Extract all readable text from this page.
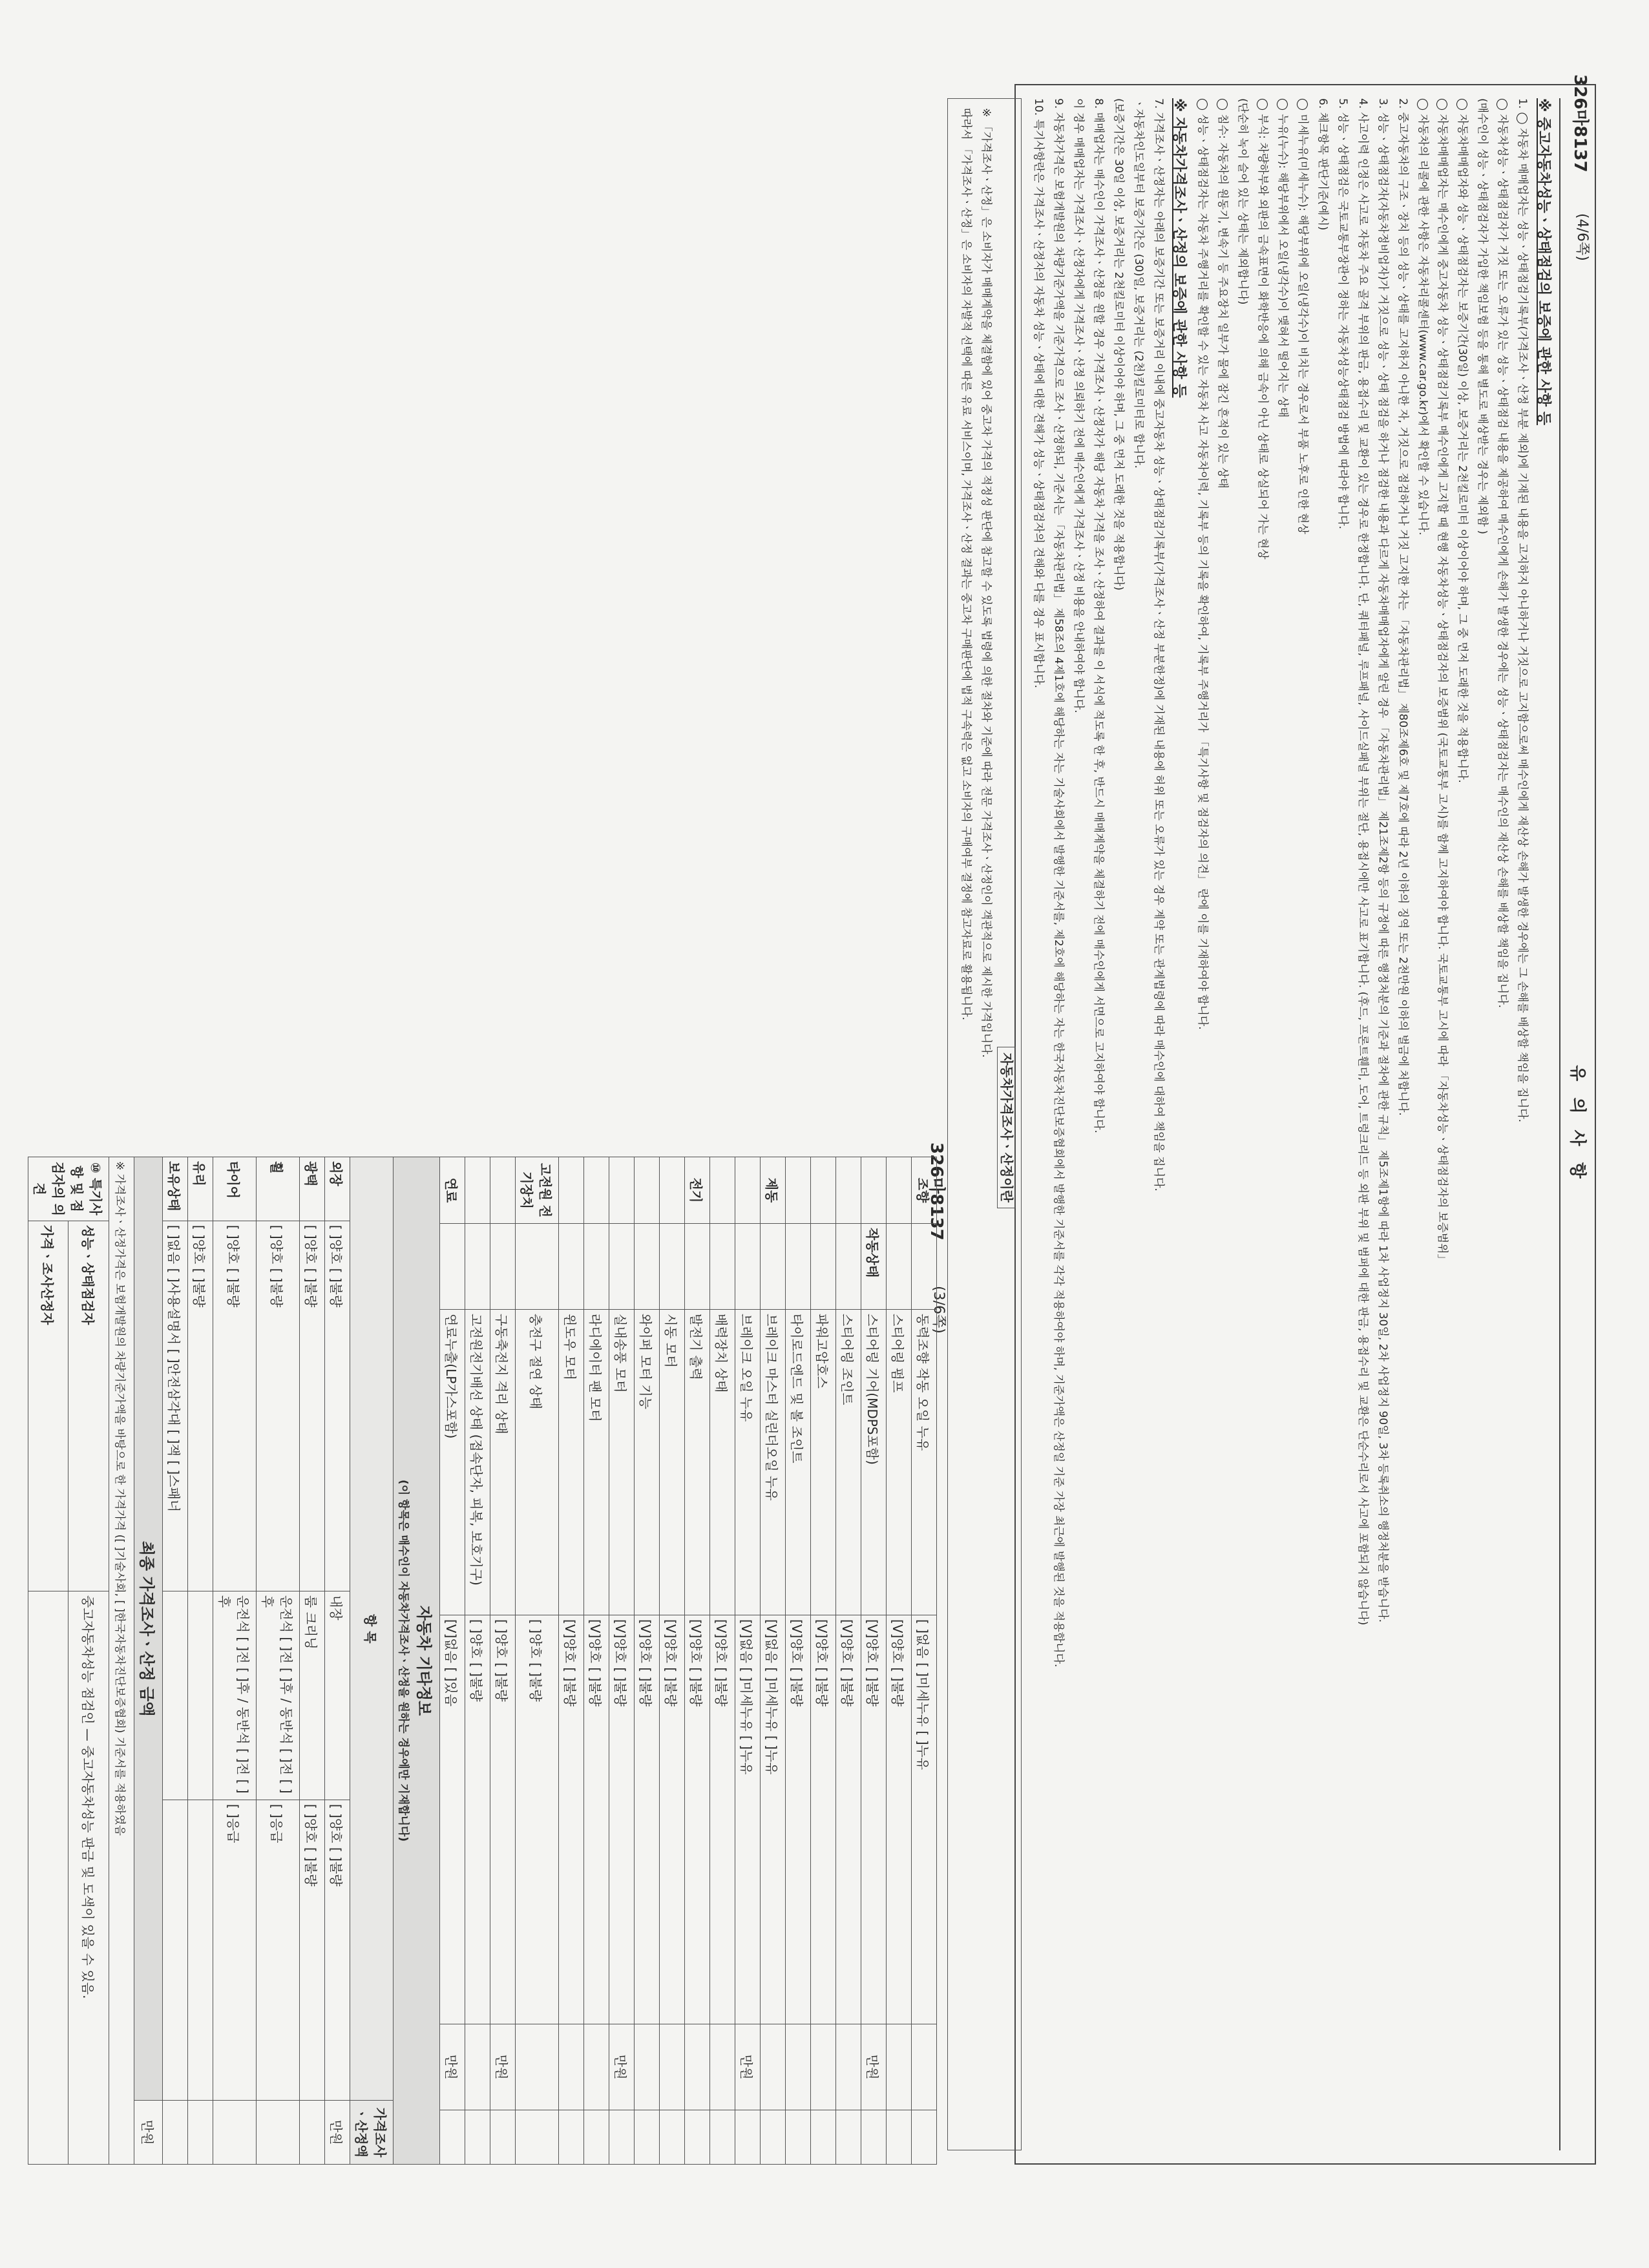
326마8137
(3/6쪽)
326마8137
(4/6쪽)
조향		동력조향 작동 오일 누유	[ ]없음 [ ]미세누유 [ ]누유		
		스티어링 펌프	[V]양호 [ ]불량		
	작동상태	스티어링 기어(MDPS포함)	[V]양호 [ ]불량	만원	
		스티어링 조인트	[V]양호 [ ]불량		
		파워고압호스	[V]양호 [ ]불량		
		타이로드엔드 및 볼 조인트	[V]양호 [ ]불량		
제동		브레이크 마스터 실린더오일 누유	[V]없음 [ ]미세누유 [ ]누유		
		브레이크 오일 누유	[V]없음 [ ]미세누유 [ ]누유	만원	
		배력장치 상태	[V]양호 [ ]불량		
전기		발전기 출력	[V]양호 [ ]불량		
		시동 모터	[V]양호 [ ]불량		
		와이퍼 모터 기능	[V]양호 [ ]불량		
		실내송풍 모터	[V]양호 [ ]불량	만원	
		라디에이터 팬 모터	[V]양호 [ ]불량		
		윈도우 모터	[V]양호 [ ]불량		
고전원 전기장치		충전구 절연 상태	[ ]양호 [ ]불량		
		구동축전지 격리 상태	[ ]양호 [ ]불량	만원	
		고전원전기배선 상태 (접속단자, 피복, 보호기구)	[ ]양호 [ ]불량		
연료		연료누출(LP가스포함)	[V]없음 [ ]있음	만원	
자동차 기타정보
(이 항목은 매수인이 자동차가격조사ㆍ산정을 원하는 경우에만 기재합니다)				
항 목				가격조사ㆍ산정액
외장	[ ]양호 [ ]불량	내장	[ ]양호 [ ]불량	만원
광택	[ ]양호 [ ]불량	룸 크리닝	[ ]양호 [ ]불량	
휠	[ ]양호 [ ]불량	운전석 [ ]전 [ ]후 / 동반석 [ ]전 [ ]후	[ ]응급	
타이어	[ ]양호 [ ]불량	운전석 [ ]전 [ ]후 / 동반석 [ ]전 [ ]후	[ ]응급	
유리	[ ]양호 [ ]불량			
보유상태	[ ]없음 [ ]사용설명서 [ ]안전삼각대 [ ]잭 [ ]스패너			
최종 가격조사ㆍ산정 금액				만원
※ 가격조사ㆍ산정가격은 보험개발원의 차량기준가액을 바탕으로 한 가격가격 ([ ]기술사회, [ ]한국자동차진단보증협회) 기준서를 적용하였음				
⑩ 특기사항 및 점검자의 의견	성능ㆍ상태점검자	중고자동차성능 점검인 — 중고자동차성능 판금 및 도색이 있을 수 있음.		
	가격ㆍ조사산정자			
유 의 사 항
※ 중고자동차성능ㆍ상태점검의 보증에 관한 사항 등
1. ◯ 자동차 매매업자는 성능ㆍ상태점검기록부(가격조사ㆍ산정 부분 제외)에 기재된 내용을 고지하지 아니하거나 거짓으로 고지함으로써 매수인에게 재산상 손해가 발생한 경우에는 그 손해를 배상할 책임을 집니다.
◯ 자동차성능ㆍ상태점검자가 거짓 또는 오류가 있는 성능ㆍ상태점검 내용을 제공하여 매수인에게 손해가 발생한 경우에는 성능ㆍ상태점검자는 매수인의 재산상 손해를 배상할 책임을 집니다.
(매수인이 성능ㆍ상태점검자가 가입한 책임보험 등을 통해 별도로 배상받는 경우는 제외함 )
◯ 자동차매매업자와 성능ㆍ상태점검자는 보증기간(30일) 이상, 보증거리는 2천킬로미터 이상이어야 하며, 그 중 먼저 도래한 것을 적용합니다.
◯ 자동차매매업자는 매수인에게 중고자동차 성능ㆍ상태점검기록부 매수인에게 고지할 때 현행 자동차성능ㆍ상태점검자의 보증범위 (국토교통부 고시)를 함께 고지하여야 합니다. 국토교통부 고시에 따라 「자동차성능ㆍ상태점검자의 보증범위」
◯ 자동차의 리콜에 관한 사항은 자동차리콜센터(www.car.go.kr)에서 확인할 수 있습니다.
2. 중고자동차의 구조ㆍ장치 등의 성능ㆍ상태를 고지하지 아니한 자, 거짓으로 점검하거나 거짓 고지한 자는 「자동차관리법」 제80조제6호 및 제7호에 따라 2년 이하의 징역 또는 2천만원 이하의 벌금에 처합니다.
3. 성능ㆍ상태점검자(자동차정비업자)가 거짓으로 성능ㆍ상태 점검을 하거나 점검한 내용과 다르게 자동차매매업자에게 알린 경우 「자동차관리법」 제21조제2항 등의 규정에 따른 행정처분의 기준과 절차에 관한 규칙」 제5조제1항에 따라 1차 사업정지 30일, 2차 사업정지 90일, 3차 등록취소의 행정처분을 받습니다.
4. 사고이력 인정은 사고로 자동차 주요 골격 부위의 판금, 용접수리 및 교환이 있는 경우로 한정합니다. 단, 쿼터패널, 루프패널, 사이드실패널 부위는 절단, 용접시에만 사고로 표기합니다. (후드, 프론트휀더, 도어, 트렁크리드 등 외판 부위 및 범퍼에 대한 판금, 용접수리 및 교환은 단순수리로서 사고에 포함되지 않습니다)
5. 성능ㆍ상태점검은 국토교통부장관이 정하는 자동차성능상태점검 방법에 따라야 합니다.
6. 체크항목 판단기준(예시)
◯ 미세누유(미세누수): 해당부위에 오일(냉각수)이 비치는 경우로서 부품 노후로 인한 현상
◯ 누유(누수): 해당부위에서 오일(냉각수)이 맺혀서 떨어지는 상태
◯ 부식: 차량하부와 외판의 금속표면이 화학반응에 의해 금속이 아닌 상태로 상실되어 가는 현상
(단순히 녹이 슬어 있는 상태는 제외합니다)
◯ 침수: 자동차의 원동기, 변속기 등 주요장치 일부가 물에 잠긴 흔적이 있는 상태
◯ 성능ㆍ상태점검자는 자동차 주행거리를 확인할 수 있는 자동차 사고 자동차이력, 기록부 등의 기록을 확인하여, 기록부 주행거리가 「특기사항 및 점검자의 의견」 란에 이를 기재하여야 합니다.
※ 자동차가격조사ㆍ산정의 보증에 관한 사항 등
7. 가격조사ㆍ산정자는 아래의 보증기간 또는 보증거리 이내에 중고자동차 성능ㆍ상태점검기록부(가격조사ㆍ산정 부분한정)에 기재된 내용에 허위 또는 오류가 있는 경우 계약 또는 관계법령에 따라 매수인에 대하여 책임을 집니다.
ㆍ자동차인도일부터 보증기간은 (30)일, 보증거리는 (2천)킬로미터로 합니다.
(보증기간은 30일 이상, 보증거리는 2천킬로미터 이상이어야 하며, 그 중 먼저 도래한 것을 적용합니다)
8. 매매업자는 매수인이 가격조사ㆍ산정을 원할 경우 가격조사ㆍ산정자가 해당 자동차 가격을 조사ㆍ산정하여 결과를 이 서식에 적도록 한 후, 반드시 매매계약을 체결하기 전에 매수인에게 서면으로 고지하여야 합니다.
이 경우 매매업자는 가격조사ㆍ산정자에게 가격조사ㆍ산정 의뢰하기 전에 매수인에게 가격조사ㆍ산정 비용을 안내하여야 합니다.
9. 자동차가격은 보험개발원의 차량기준가액을 기준가격으로 조사ㆍ산정하되, 기준서는 「자동차관리법」 제58조의 4제1호에 해당하는 자는 기술사회에서 발행한 기준서를, 제2호에 해당하는 자는 한국자동차진단보증협회에서 발행한 기준서를 각각 적용하여야 하며, 기준가액은 산정일 기준 가장 최근에 발행된 것을 적용합니다.
10. 특기사항란은 가격조사ㆍ산정자의 자동차 성능ㆍ상태에 대한 견해가 성능ㆍ상태점검자의 견해와 다를 경우 표시합니다.
자동차가격조사ㆍ산정이란
※ 「가격조사ㆍ산정」은 소비자가 매매계약을 체결함에 있어 중고차 가격의 적정성 판단에 참고할 수 있도록 법령에 의한 절차와 기준에 따라 전문 가격조사ㆍ산정인이 객관적으로 제시한 가격입니다.
따라서 「가격조사ㆍ산정」은 소비자의 자발적 선택에 따른 유료 서비스이며, 가격조사ㆍ산정 결과는 중고차 구매판단에 법적 구속력은 없고 소비자의 구매여부 결정에 참고자료로 활용됩니다.
